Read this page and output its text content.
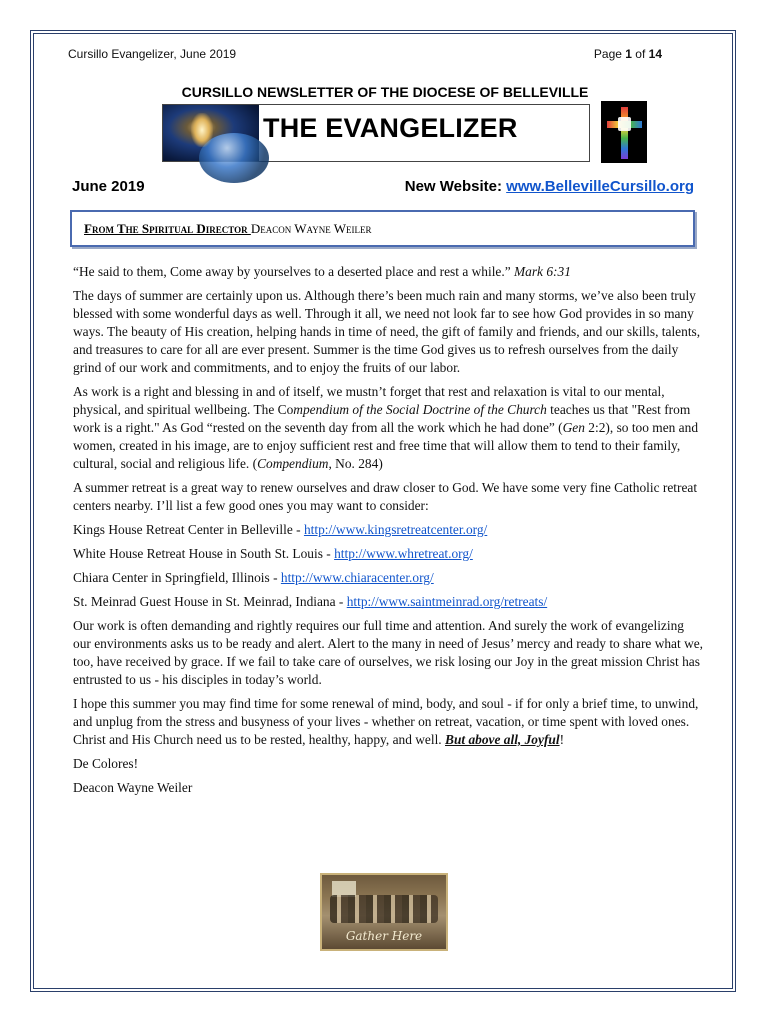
Cursillo Evangelizer, June 2019	Page 1 of 14
CURSILLO NEWSLETTER OF THE DIOCESE OF BELLEVILLE
THE EVANGELIZER
June 2019	New Website: www.BellevilleCursillo.org
From The Spiritual Director Deacon Wayne Weiler

“He said to them, Come away by yourselves to a deserted place and rest a while.” Mark 6:31

The days of summer are certainly upon us. Although there’s been much rain and many storms, we’ve also been truly blessed with some wonderful days as well. Through it all, we need not look far to see how God provides in so many ways. The beauty of His creation, helping hands in time of need, the gift of family and friends, and our skills, talents, and treasures to care for all are ever present. Summer is the time God gives us to refresh ourselves from the daily grind of our work and commitments, and to enjoy the fruits of our labor.

As work is a right and blessing in and of itself, we mustn’t forget that rest and relaxation is vital to our mental, physical, and spiritual wellbeing. The Compendium of the Social Doctrine of the Church teaches us that "Rest from work is a right." As God “rested on the seventh day from all the work which he had done” (Gen 2:2), so too men and women, created in his image, are to enjoy sufficient rest and free time that will allow them to tend to their family, cultural, social and religious life. (Compendium, No. 284)

A summer retreat is a great way to renew ourselves and draw closer to God. We have some very fine Catholic retreat centers nearby. I’ll list a few good ones you may want to consider:

Kings House Retreat Center in Belleville - http://www.kingsretreatcenter.org/

White House Retreat House in South St. Louis - http://www.whretreat.org/

Chiara Center in Springfield, Illinois - http://www.chiaracenter.org/

St. Meinrad Guest House in St. Meinrad, Indiana - http://www.saintmeinrad.org/retreats/

Our work is often demanding and rightly requires our full time and attention. And surely the work of evangelizing our environments asks us to be ready and alert. Alert to the many in need of Jesus’ mercy and ready to share what we, too, have received by grace. If we fail to take care of ourselves, we risk losing our Joy in the great mission Christ has entrusted to us - his disciples in today’s world.

I hope this summer you may find time for some renewal of mind, body, and soul - if for only a brief time, to unwind, and unplug from the stress and busyness of your lives - whether on retreat, vacation, or time spent with loved ones. Christ and His Church need us to be rested, healthy, happy, and well. But above all, Joyful!

De Colores!

Deacon Wayne Weiler

Gather Here
